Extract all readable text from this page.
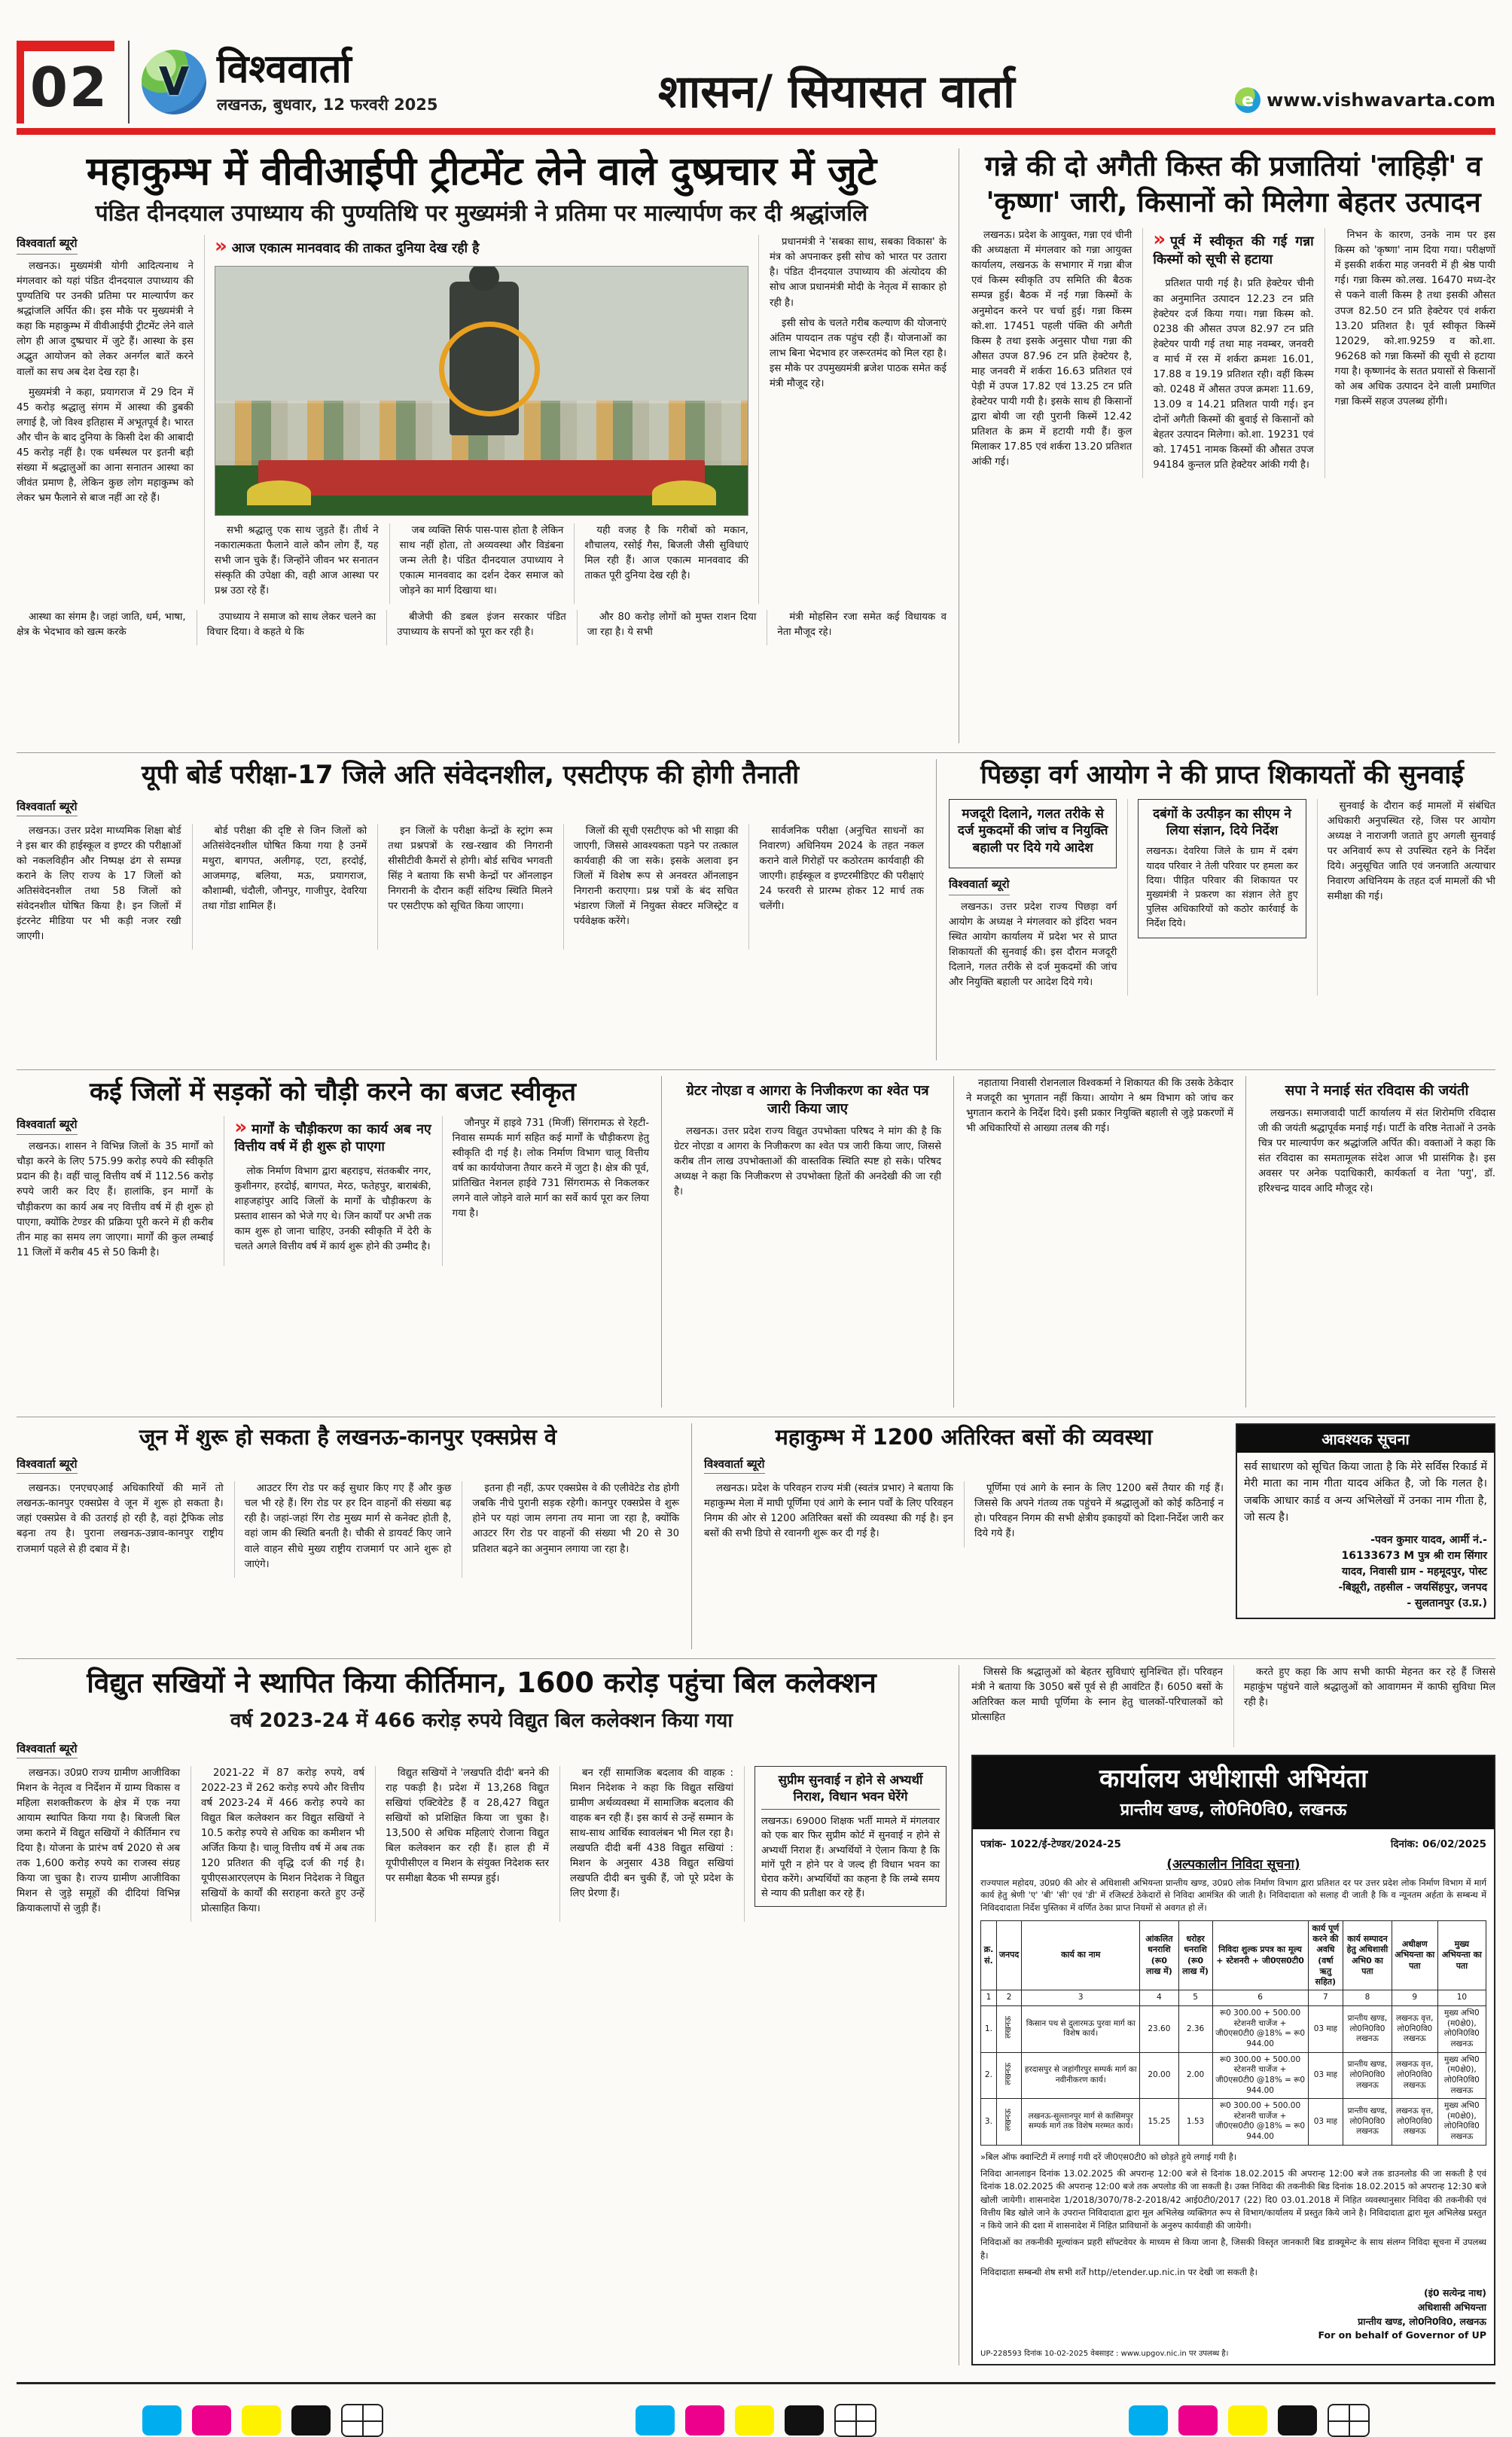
02	V विश्ववार्ता
लखनऊ, बुधवार, 12 फरवरी 2025	शासन/ सियासत वार्ता	e www.vishwavarta.com
महाकुम्भ में वीवीआईपी ट्रीटमेंट लेने वाले दुष्प्रचार में जुटे
पंडित दीनदयाल उपाध्याय की पुण्यतिथि पर मुख्यमंत्री ने प्रतिमा पर माल्यार्पण कर दी श्रद्धांजलि
विश्ववार्ता ब्यूरो

लखनऊ। मुख्यमंत्री योगी आदित्यनाथ ने मंगलवार को यहां पंडित दीनदयाल उपाध्याय की पुण्यतिथि पर उनकी प्रतिमा पर माल्यार्पण कर श्रद्धांजलि अर्पित की। इस मौके पर मुख्यमंत्री ने कहा कि महाकुम्भ में वीवीआईपी ट्रीटमेंट लेने वाले लोग ही आज दुष्प्रचार में जुटे हैं। आस्था के इस अद्भुत आयोजन को लेकर अनर्गल बातें करने वालों का सच अब देश देख रहा है।

मुख्यमंत्री ने कहा, प्रयागराज में 29 दिन में 45 करोड़ श्रद्धालु संगम में आस्था की डुबकी लगाई है, जो विश्व इतिहास में अभूतपूर्व है। भारत और चीन के बाद दुनिया के किसी देश की आबादी 45 करोड़ नहीं है। एक धर्मस्थल पर इतनी बड़ी संख्या में श्रद्धालुओं का आना सनातन आस्था का जीवंत प्रमाण है, लेकिन कुछ लोग महाकुम्भ को लेकर भ्रम फैलाने से बाज नहीं आ रहे हैं।

» आज एकात्म मानववाद की ताकत दुनिया देख रही है

सभी श्रद्धालु एक साथ जुड़ते हैं। तीर्थ ने नकारात्मकता फैलाने वाले कौन लोग हैं, यह सभी जान चुके हैं। जिन्होंने जीवन भर सनातन संस्कृति की उपेक्षा की, वही आज आस्था पर प्रश्न उठा रहे हैं।

जब व्यक्ति सिर्फ पास-पास होता है लेकिन साथ नहीं होता, तो अव्यवस्था और विडंबना जन्म लेती है। पंडित दीनदयाल उपाध्याय ने एकात्म मानववाद का दर्शन देकर समाज को जोड़ने का मार्ग दिखाया था।

यही वजह है कि गरीबों को मकान, शौचालय, रसोई गैस, बिजली जैसी सुविधाएं मिल रही हैं। आज एकात्म मानववाद की ताकत पूरी दुनिया देख रही है।

प्रधानमंत्री ने 'सबका साथ, सबका विकास' के मंत्र को अपनाकर इसी सोच को भारत पर उतारा है। पंडित दीनदयाल उपाध्याय की अंत्योदय की सोच आज प्रधानमंत्री मोदी के नेतृत्व में साकार हो रही है।

इसी सोच के चलते गरीब कल्याण की योजनाएं अंतिम पायदान तक पहुंच रही हैं। योजनाओं का लाभ बिना भेदभाव हर जरूरतमंद को मिल रहा है। इस मौके पर उपमुख्यमंत्री ब्रजेश पाठक समेत कई मंत्री मौजूद रहे।

आस्था का संगम है। जहां जाति, धर्म, भाषा, क्षेत्र के भेदभाव को खत्म करके

उपाध्याय ने समाज को साथ लेकर चलने का विचार दिया। वे कहते थे कि

बीजेपी की डबल इंजन सरकार पंडित उपाध्याय के सपनों को पूरा कर रही है।

और 80 करोड़ लोगों को मुफ्त राशन दिया जा रहा है। ये सभी

मंत्री मोहसिन रजा समेत कई विधायक व नेता मौजूद रहे।

गन्ने की दो अगैती किस्त की प्रजातियां 'लाहिड़ी' व 'कृष्णा' जारी, किसानों को मिलेगा बेहतर उत्पादन

लखनऊ। प्रदेश के आयुक्त, गन्ना एवं चीनी की अध्यक्षता में मंगलवार को गन्ना आयुक्त कार्यालय, लखनऊ के सभागार में गन्ना बीज एवं किस्म स्वीकृति उप समिति की बैठक सम्पन्न हुई। बैठक में नई गन्ना किस्मों के अनुमोदन करने पर चर्चा हुई। गन्ना किस्म को.शा. 17451 पहली पंक्ति की अगैती किस्म है तथा इसके अनुसार पौधा गन्ना की औसत उपज 87.96 टन प्रति हेक्टेयर है, माह जनवरी में शर्करा 16.63 प्रतिशत एवं पेड़ी में उपज 17.82 एवं 13.25 टन प्रति हेक्टेयर पायी गयी है। इसके साथ ही किसानों द्वारा बोयी जा रही पुरानी किस्में 12.42 प्रतिशत के क्रम में हटायी गयी हैं। कुल मिलाकर 17.85 एवं शर्करा 13.20 प्रतिशत आंकी गई।

» पूर्व में स्वीकृत की गई गन्ना किस्मों को सूची से हटाया

प्रतिशत पायी गई है। प्रति हेक्टेयर चीनी का अनुमानित उत्पादन 12.23 टन प्रति हेक्टेयर दर्ज किया गया। गन्ना किस्म को. 0238 की औसत उपज 82.97 टन प्रति हेक्टेयर पायी गई तथा माह नवम्बर, जनवरी व मार्च में रस में शर्करा क्रमशः 16.01, 17.88 व 19.19 प्रतिशत रही। वहीं किस्म को. 0248 में औसत उपज क्रमशः 11.69, 13.09 व 14.21 प्रतिशत पायी गई। इन दोनों अगैती किस्मों की बुवाई से किसानों को बेहतर उत्पादन मिलेगा। को.शा. 19231 एवं को. 17451 नामक किस्मों की औसत उपज 94184 कुन्तल प्रति हेक्टेयर आंकी गयी है।

निभन के कारण, उनके नाम पर इस किस्म को 'कृष्णा' नाम दिया गया। परीक्षणों में इसकी शर्करा माह जनवरी में ही श्रेष्ठ पायी गई। गन्ना किस्म को.लख. 16470 मध्य-देर से पकने वाली किस्म है तथा इसकी औसत उपज 82.50 टन प्रति हेक्टेयर एवं शर्करा 13.20 प्रतिशत है। पूर्व स्वीकृत किस्में 12029, को.शा.9259 व को.शा. 96268 को गन्ना किस्मों की सूची से हटाया गया है। कृष्णानंद के सतत प्रयासों से किसानों को अब अधिक उत्पादन देने वाली प्रमाणित गन्ना किस्में सहज उपलब्ध होंगी।

यूपी बोर्ड परीक्षा-17 जिले अति संवेदनशील, एसटीएफ की होगी तैनाती
विश्ववार्ता ब्यूरो

लखनऊ। उत्तर प्रदेश माध्यमिक शिक्षा बोर्ड ने इस बार की हाईस्कूल व इण्टर की परीक्षाओं को नकलविहीन और निष्पक्ष ढंग से सम्पन्न कराने के लिए राज्य के 17 जिलों को अतिसंवेदनशील तथा 58 जिलों को संवेदनशील घोषित किया है। इन जिलों में इंटरनेट मीडिया पर भी कड़ी नजर रखी जाएगी।

बोर्ड परीक्षा की दृष्टि से जिन जिलों को अतिसंवेदनशील घोषित किया गया है उनमें मथुरा, बागपत, अलीगढ़, एटा, हरदोई, आजमगढ़, बलिया, मऊ, प्रयागराज, कौशाम्बी, चंदौली, जौनपुर, गाजीपुर, देवरिया तथा गोंडा शामिल हैं।

इन जिलों के परीक्षा केन्द्रों के स्ट्रांग रूम तथा प्रश्नपत्रों के रख-रखाव की निगरानी सीसीटीवी कैमरों से होगी। बोर्ड सचिव भगवती सिंह ने बताया कि सभी केन्द्रों पर ऑनलाइन निगरानी के दौरान कहीं संदिग्ध स्थिति मिलने पर एसटीएफ को सूचित किया जाएगा।

जिलों की सूची एसटीएफ को भी साझा की जाएगी, जिससे आवश्यकता पड़ने पर तत्काल कार्यवाही की जा सके। इसके अलावा इन जिलों में विशेष रूप से अनवरत ऑनलाइन निगरानी कराएगा। प्रश्न पत्रों के बंद सचित भंडारण जिलों में नियुक्त सेक्टर मजिस्ट्रेट व पर्यवेक्षक करेंगे।

सार्वजनिक परीक्षा (अनुचित साधनों का निवारण) अधिनियम 2024 के तहत नकल कराने वाले गिरोहों पर कठोरतम कार्यवाही की जाएगी। हाईस्कूल व इण्टरमीडिएट की परीक्षाएं 24 फरवरी से प्रारम्भ होकर 12 मार्च तक चलेंगी।

पिछड़ा वर्ग आयोग ने की प्राप्त शिकायतों की सुनवाई
मजदूरी दिलाने, गलत तरीके से दर्ज मुकदमों की जांच व नियुक्ति बहाली पर दिये गये आदेश
विश्ववार्ता ब्यूरो

लखनऊ। उत्तर प्रदेश राज्य पिछड़ा वर्ग आयोग के अध्यक्ष ने मंगलवार को इंदिरा भवन स्थित आयोग कार्यालय में प्रदेश भर से प्राप्त शिकायतों की सुनवाई की। इस दौरान मजदूरी दिलाने, गलत तरीके से दर्ज मुकदमों की जांच और नियुक्ति बहाली पर आदेश दिये गये।

दबंगों के उत्पीड़न का सीएम ने लिया संज्ञान, दिये निर्देश
लखनऊ। देवरिया जिले के ग्राम में दबंग यादव परिवार ने तेली परिवार पर हमला कर दिया। पीड़ित परिवार की शिकायत पर मुख्यमंत्री ने प्रकरण का संज्ञान लेते हुए पुलिस अधिकारियों को कठोर कार्रवाई के निर्देश दिये।

सुनवाई के दौरान कई मामलों में संबंधित अधिकारी अनुपस्थित रहे, जिस पर आयोग अध्यक्ष ने नाराजगी जताते हुए अगली सुनवाई पर अनिवार्य रूप से उपस्थित रहने के निर्देश दिये। अनुसूचित जाति एवं जनजाति अत्याचार निवारण अधिनियम के तहत दर्ज मामलों की भी समीक्षा की गई।

कई जिलों में सड़कों को चौड़ी करने का बजट स्वीकृत
विश्ववार्ता ब्यूरो

लखनऊ। शासन ने विभिन्न जिलों के 35 मार्गों को चौड़ा करने के लिए 575.99 करोड़ रुपये की स्वीकृति प्रदान की है। वहीं चालू वित्तीय वर्ष में 112.56 करोड़ रुपये जारी कर दिए हैं। हालांकि, इन मार्गों के चौड़ीकरण का कार्य अब नए वित्तीय वर्ष में ही शुरू हो पाएगा, क्योंकि टेण्डर की प्रक्रिया पूरी करने में ही करीब तीन माह का समय लग जाएगा। मार्गों की कुल लम्बाई 11 जिलों में करीब 45 से 50 किमी है।

» मार्गों के चौड़ीकरण का कार्य अब नए वित्तीय वर्ष में ही शुरू हो पाएगा

लोक निर्माण विभाग द्वारा बहराइच, संतकबीर नगर, कुशीनगर, हरदोई, बागपत, मेरठ, फतेहपुर, बाराबंकी, शाहजहांपुर आदि जिलों के मार्गों के चौड़ीकरण के प्रस्ताव शासन को भेजे गए थे। जिन कार्यों पर अभी तक काम शुरू हो जाना चाहिए, उनकी स्वीकृति में देरी के चलते अगले वित्तीय वर्ष में कार्य शुरू होने की उम्मीद है।

जौनपुर में हाइवे 731 (मिर्जी) सिंगरामऊ से रेहटी-निवास सम्पर्क मार्ग सहित कई मार्गों के चौड़ीकरण हेतु स्वीकृति दी गई है। लोक निर्माण विभाग चालू वित्तीय वर्ष का कार्ययोजना तैयार करने में जुटा है। क्षेत्र की पूर्व, प्रांतिखित नेशनल हाईवे 731 सिंगरामऊ से निकलकर लगने वाले जोड़ने वाले मार्ग का सर्वे कार्य पूरा कर लिया गया है।

ग्रेटर नोएडा व आगरा के निजीकरण का श्वेत पत्र जारी किया जाए

लखनऊ। उत्तर प्रदेश राज्य विद्युत उपभोक्ता परिषद ने मांग की है कि ग्रेटर नोएडा व आगरा के निजीकरण का श्वेत पत्र जारी किया जाए, जिससे करीब तीन लाख उपभोक्ताओं की वास्तविक स्थिति स्पष्ट हो सके। परिषद अध्यक्ष ने कहा कि निजीकरण से उपभोक्ता हितों की अनदेखी की जा रही है।

नहाताया निवासी रोशनलाल विश्वकर्मा ने शिकायत की कि उसके ठेकेदार ने मजदूरी का भुगतान नहीं किया। आयोग ने श्रम विभाग को जांच कर भुगतान कराने के निर्देश दिये। इसी प्रकार नियुक्ति बहाली से जुड़े प्रकरणों में भी अधिकारियों से आख्या तलब की गई।

सपा ने मनाई संत रविदास की जयंती

लखनऊ। समाजवादी पार्टी कार्यालय में संत शिरोमणि रविदास जी की जयंती श्रद्धापूर्वक मनाई गई। पार्टी के वरिष्ठ नेताओं ने उनके चित्र पर माल्यार्पण कर श्रद्धांजलि अर्पित की। वक्ताओं ने कहा कि संत रविदास का समतामूलक संदेश आज भी प्रासंगिक है। इस अवसर पर अनेक पदाधिकारी, कार्यकर्ता व नेता 'पगु', डॉ. हरिश्चन्द्र यादव आदि मौजूद रहे।

जून में शुरू हो सकता है लखनऊ-कानपुर एक्सप्रेस वे
विश्ववार्ता ब्यूरो

लखनऊ। एनएचएआई अधिकारियों की मानें तो लखनऊ-कानपुर एक्सप्रेस वे जून में शुरू हो सकता है। जहां एक्सप्रेस वे की उतराई हो रही है, वहां ट्रैफिक लोड बढ़ना तय है। पुराना लखनऊ-उन्नाव-कानपुर राष्ट्रीय राजमार्ग पहले से ही दबाव में है।

आउटर रिंग रोड पर कई सुधार किए गए हैं और कुछ चल भी रहे हैं। रिंग रोड पर हर दिन वाहनों की संख्या बढ़ रही है। जहां-जहां रिंग रोड मुख्य मार्ग से कनेक्ट होती है, वहां जाम की स्थिति बनती है। चौकी से डायवर्ट किए जाने वाले वाहन सीधे मुख्य राष्ट्रीय राजमार्ग पर आने शुरू हो जाएंगे।

इतना ही नहीं, ऊपर एक्सप्रेस वे की एलीवेटेड रोड होगी जबकि नीचे पुरानी सड़क रहेगी। कानपुर एक्सप्रेस वे शुरू होने पर यहां जाम लगना तय माना जा रहा है, क्योंकि आउटर रिंग रोड पर वाहनों की संख्या भी 20 से 30 प्रतिशत बढ़ने का अनुमान लगाया जा रहा है।

महाकुम्भ में 1200 अतिरिक्त बसों की व्यवस्था
विश्ववार्ता ब्यूरो

लखनऊ। प्रदेश के परिवहन राज्य मंत्री (स्वतंत्र प्रभार) ने बताया कि महाकुम्भ मेला में माघी पूर्णिमा एवं आगे के स्नान पर्वों के लिए परिवहन निगम की ओर से 1200 अतिरिक्त बसों की व्यवस्था की गई है। इन बसों की सभी डिपो से रवानगी शुरू कर दी गई है।

पूर्णिमा एवं आगे के स्नान के लिए 1200 बसें तैयार की गई हैं। जिससे कि अपने गंतव्य तक पहुंचने में श्रद्धालुओं को कोई कठिनाई न हो। परिवहन निगम की सभी क्षेत्रीय इकाइयों को दिशा-निर्देश जारी कर दिये गये हैं।

आवश्यक सूचना
सर्व साधारण को सूचित किया जाता है कि मेरे सर्विस रिकार्ड में मेरी माता का नाम गीता यादव अंकित है, जो कि गलत है। जबकि आधार कार्ड व अन्य अभिलेखों में उनका नाम गीता है, जो सत्य है।
-पवन कुमार यादव, आर्मी नं.-
16133673 M पुत्र श्री राम सिंगार
यादव, निवासी ग्राम - महमूदपुर, पोस्ट
-बिझूरी, तहसील - जयसिंहपुर, जनपद
- सुलतानपुर (उ.प्र.)
विद्युत सखियों ने स्थापित किया कीर्तिमान, 1600 करोड़ पहुंचा बिल कलेक्शन
वर्ष 2023-24 में 466 करोड़ रुपये विद्युत बिल कलेक्शन किया गया
विश्ववार्ता ब्यूरो

लखनऊ। उ0प्र0 राज्य ग्रामीण आजीविका मिशन के नेतृत्व व निर्देशन में ग्राम्य विकास व महिला सशक्तीकरण के क्षेत्र में एक नया आयाम स्थापित किया गया है। बिजली बिल जमा कराने में विद्युत सखियों ने कीर्तिमान रच दिया है। योजना के प्रारंभ वर्ष 2020 से अब तक 1,600 करोड़ रुपये का राजस्व संग्रह किया जा चुका है। राज्य ग्रामीण आजीविका मिशन से जुड़े समूहों की दीदियां विभिन्न क्रियाकलापों से जुड़ी हैं।

2021-22 में 87 करोड़ रुपये, वर्ष 2022-23 में 262 करोड़ रुपये और वित्तीय वर्ष 2023-24 में 466 करोड़ रुपये का विद्युत बिल कलेक्शन कर विद्युत सखियों ने 10.5 करोड़ रुपये से अधिक का कमीशन भी अर्जित किया है। चालू वित्तीय वर्ष में अब तक 120 प्रतिशत की वृद्धि दर्ज की गई है। यूपीएसआरएलएम के मिशन निदेशक ने विद्युत सखियों के कार्यों की सराहना करते हुए उन्हें प्रोत्साहित किया।

विद्युत सखियों ने 'लखपति दीदी' बनने की राह पकड़ी है। प्रदेश में 13,268 विद्युत सखियां एक्टिवेटेड हैं व 28,427 विद्युत सखियों को प्रशिक्षित किया जा चुका है। 13,500 से अधिक महिलाएं रोजाना विद्युत बिल कलेक्शन कर रही हैं। हाल ही में यूपीपीसीएल व मिशन के संयुक्त निदेशक स्तर पर समीक्षा बैठक भी सम्पन्न हुई।

बन रहीं सामाजिक बदलाव की वाहक : मिशन निदेशक ने कहा कि विद्युत सखियां ग्रामीण अर्थव्यवस्था में सामाजिक बदलाव की वाहक बन रही हैं। इस कार्य से उन्हें सम्मान के साथ-साथ आर्थिक स्वावलंबन भी मिल रहा है। लखपति दीदी बनीं 438 विद्युत सखियां : मिशन के अनुसार 438 विद्युत सखियां लखपति दीदी बन चुकी हैं, जो पूरे प्रदेश के लिए प्रेरणा हैं।

सुप्रीम सुनवाई न होने से अभ्यर्थी निराश, विधान भवन घेरेंगे
लखनऊ। 69000 शिक्षक भर्ती मामले में मंगलवार को एक बार फिर सुप्रीम कोर्ट में सुनवाई न होने से अभ्यर्थी निराश हैं। अभ्यर्थियों ने ऐलान किया है कि मांगें पूरी न होने पर वे जल्द ही विधान भवन का घेराव करेंगे। अभ्यर्थियों का कहना है कि लम्बे समय से न्याय की प्रतीक्षा कर रहे हैं।

जिससे कि श्रद्धालुओं को बेहतर सुविधाएं सुनिश्चित हों। परिवहन मंत्री ने बताया कि 3050 बसें पूर्व से ही आवंटित हैं। 6050 बसों के अतिरिक्त कल माघी पूर्णिमा के स्नान हेतु चालकों-परिचालकों को प्रोत्साहित

करते हुए कहा कि आप सभी काफी मेहनत कर रहे हैं जिससे महाकुंभ पहुंचने वाले श्रद्धालुओं को आवागमन में काफी सुविधा मिल रही है।

कार्यालय अधीशासी अभियंता
प्रान्तीय खण्ड, लो0नि0वि0, लखनऊ
पत्रांक- 1022/ई-टेण्डर/2024-25	दिनांक: 06/02/2025
(अल्पकालीन निविदा सूचना)
राज्यपाल महोदय, उ0प्र0 की ओर से अधिशासी अभियन्ता प्रान्तीय खण्ड, उ0प्र0 लोक निर्माण विभाग द्वारा प्रतिशत दर पर उत्तर प्रदेश लोक निर्माण विभाग में मार्ग कार्य हेतु श्रेणी 'ए' 'बी' 'सी' एवं 'डी' में रजिस्टर्ड ठेकेदारों से निविदा आमंत्रित की जाती है। निविदादाता को सलाह दी जाती है कि व न्यूनतम अर्हता के सम्बन्ध में निविददादाता निर्देश पुस्तिका में वर्णित ठेका प्राप्त नियमों से अवगत हो लें।
क्र. सं.	जनपद	कार्य का नाम	आंकलित धनराशि (रू0 लाख में)	धरोहर धनराशि (रू0 लाख में)	निविदा शुल्क प्रपत्र का मूल्य + स्टेशनरी + जी0एस0टी0	कार्य पूर्ण करने की अवधि (वर्षा ऋतु सहित)	कार्य सम्पादन हेतु अधिशासी अभि0 का पता	अधीक्षण अभियन्ता का पता	मुख्य अभियन्ता का पता
1	2	3	4	5	6	7	8	9	10
1.	लखनऊ	किसान पथ से दुलारमऊ पुरवा मार्ग का विशेष कार्य।	23.60	2.36	रू0 300.00 + 500.00 स्टेशनरी चार्जेज + जी0एस0टी0 @18% = रू0 944.00	03 माह	प्रान्तीय खण्ड, लो0नि0वि0 लखनऊ	लखनऊ वृत्त, लो0नि0वि0 लखनऊ	मुख्य अभि0 (म0क्षे0), लो0नि0वि0 लखनऊ
2.	लखनऊ	हरदासपुर से जहांगीरपुर सम्पर्क मार्ग का नवीनीकरण कार्य।	20.00	2.00	रू0 300.00 + 500.00 स्टेशनरी चार्जेज + जी0एस0टी0 @18% = रू0 944.00	03 माह	प्रान्तीय खण्ड, लो0नि0वि0 लखनऊ	लखनऊ वृत्त, लो0नि0वि0 लखनऊ	मुख्य अभि0 (म0क्षे0), लो0नि0वि0 लखनऊ
3.	लखनऊ	लखनऊ-सुल्तानपुर मार्ग से कासिमपुर सम्पर्क मार्ग तक विशेष मरम्मत कार्य।	15.25	1.53	रू0 300.00 + 500.00 स्टेशनरी चार्जेज + जी0एस0टी0 @18% = रू0 944.00	03 माह	प्रान्तीय खण्ड, लो0नि0वि0 लखनऊ	लखनऊ वृत्त, लो0नि0वि0 लखनऊ	मुख्य अभि0 (म0क्षे0), लो0नि0वि0 लखनऊ

»बिल ऑफ क्वान्टिटी में लगाई गयी दरें जी0एस0टी0 को छोड़ते हुये लगाई गयी है।

निविदा आनलाइन दिनांक 13.02.2025 की अपरान्ह 12:00 बजे से दिनांक 18.02.2015 की अपरान्ह 12:00 बजे तक डाउनलोड की जा सकती है एवं दिनांक 18.02.2025 की अपरान्ह 12:00 बजे तक अपलोड की जा सकती है। उक्त निविदा की तकनीकी बिड दिनांक 18.02.2015 को अपरान्ह 12:30 बजे खोली जायेगी। शासनादेश 1/2018/3070/78-2-2018/42 आई0टी0/2017 (22) दि0 03.01.2018 में निहित व्यवस्थानुसार निविदा की तकनीकी एवं वित्तीय बिड खोले जाने के उपरान्त निविदादाता द्वारा मूल अभिलेख व्यक्तिगत रूप से विभाग/कार्यालय में प्रस्तुत किये जाने है। निविदादाता द्वारा मूल अभिलेख प्रस्तुत न किये जाने की दशा में शासनादेश में निहित प्राविधानों के अनुरुप कार्यवाही की जायेगी।

निविदाओं का तकनीकी मूल्यांकन प्रहरी सॉफ्टवेयर के माध्यम से किया जाना है, जिसकी विस्तृत जानकारी बिड डाक्यूमेन्ट के साथ संलग्न निविदा सूचना में उपलब्ध है।

निविदादाता सम्बन्धी शेष सभी शर्तें http//etender.up.nic.in पर देखी जा सकती है।

(इं0 सत्येन्द्र नाथ)
अधिशासी अभियन्ता
प्रान्तीय खण्ड, लो0नि0वि0, लखनऊ
For on behalf of Governor of UP
UP-228593 दिनांक 10-02-2025 वेबसाइट : www.upgov.nic.in पर उपलब्ध है।
